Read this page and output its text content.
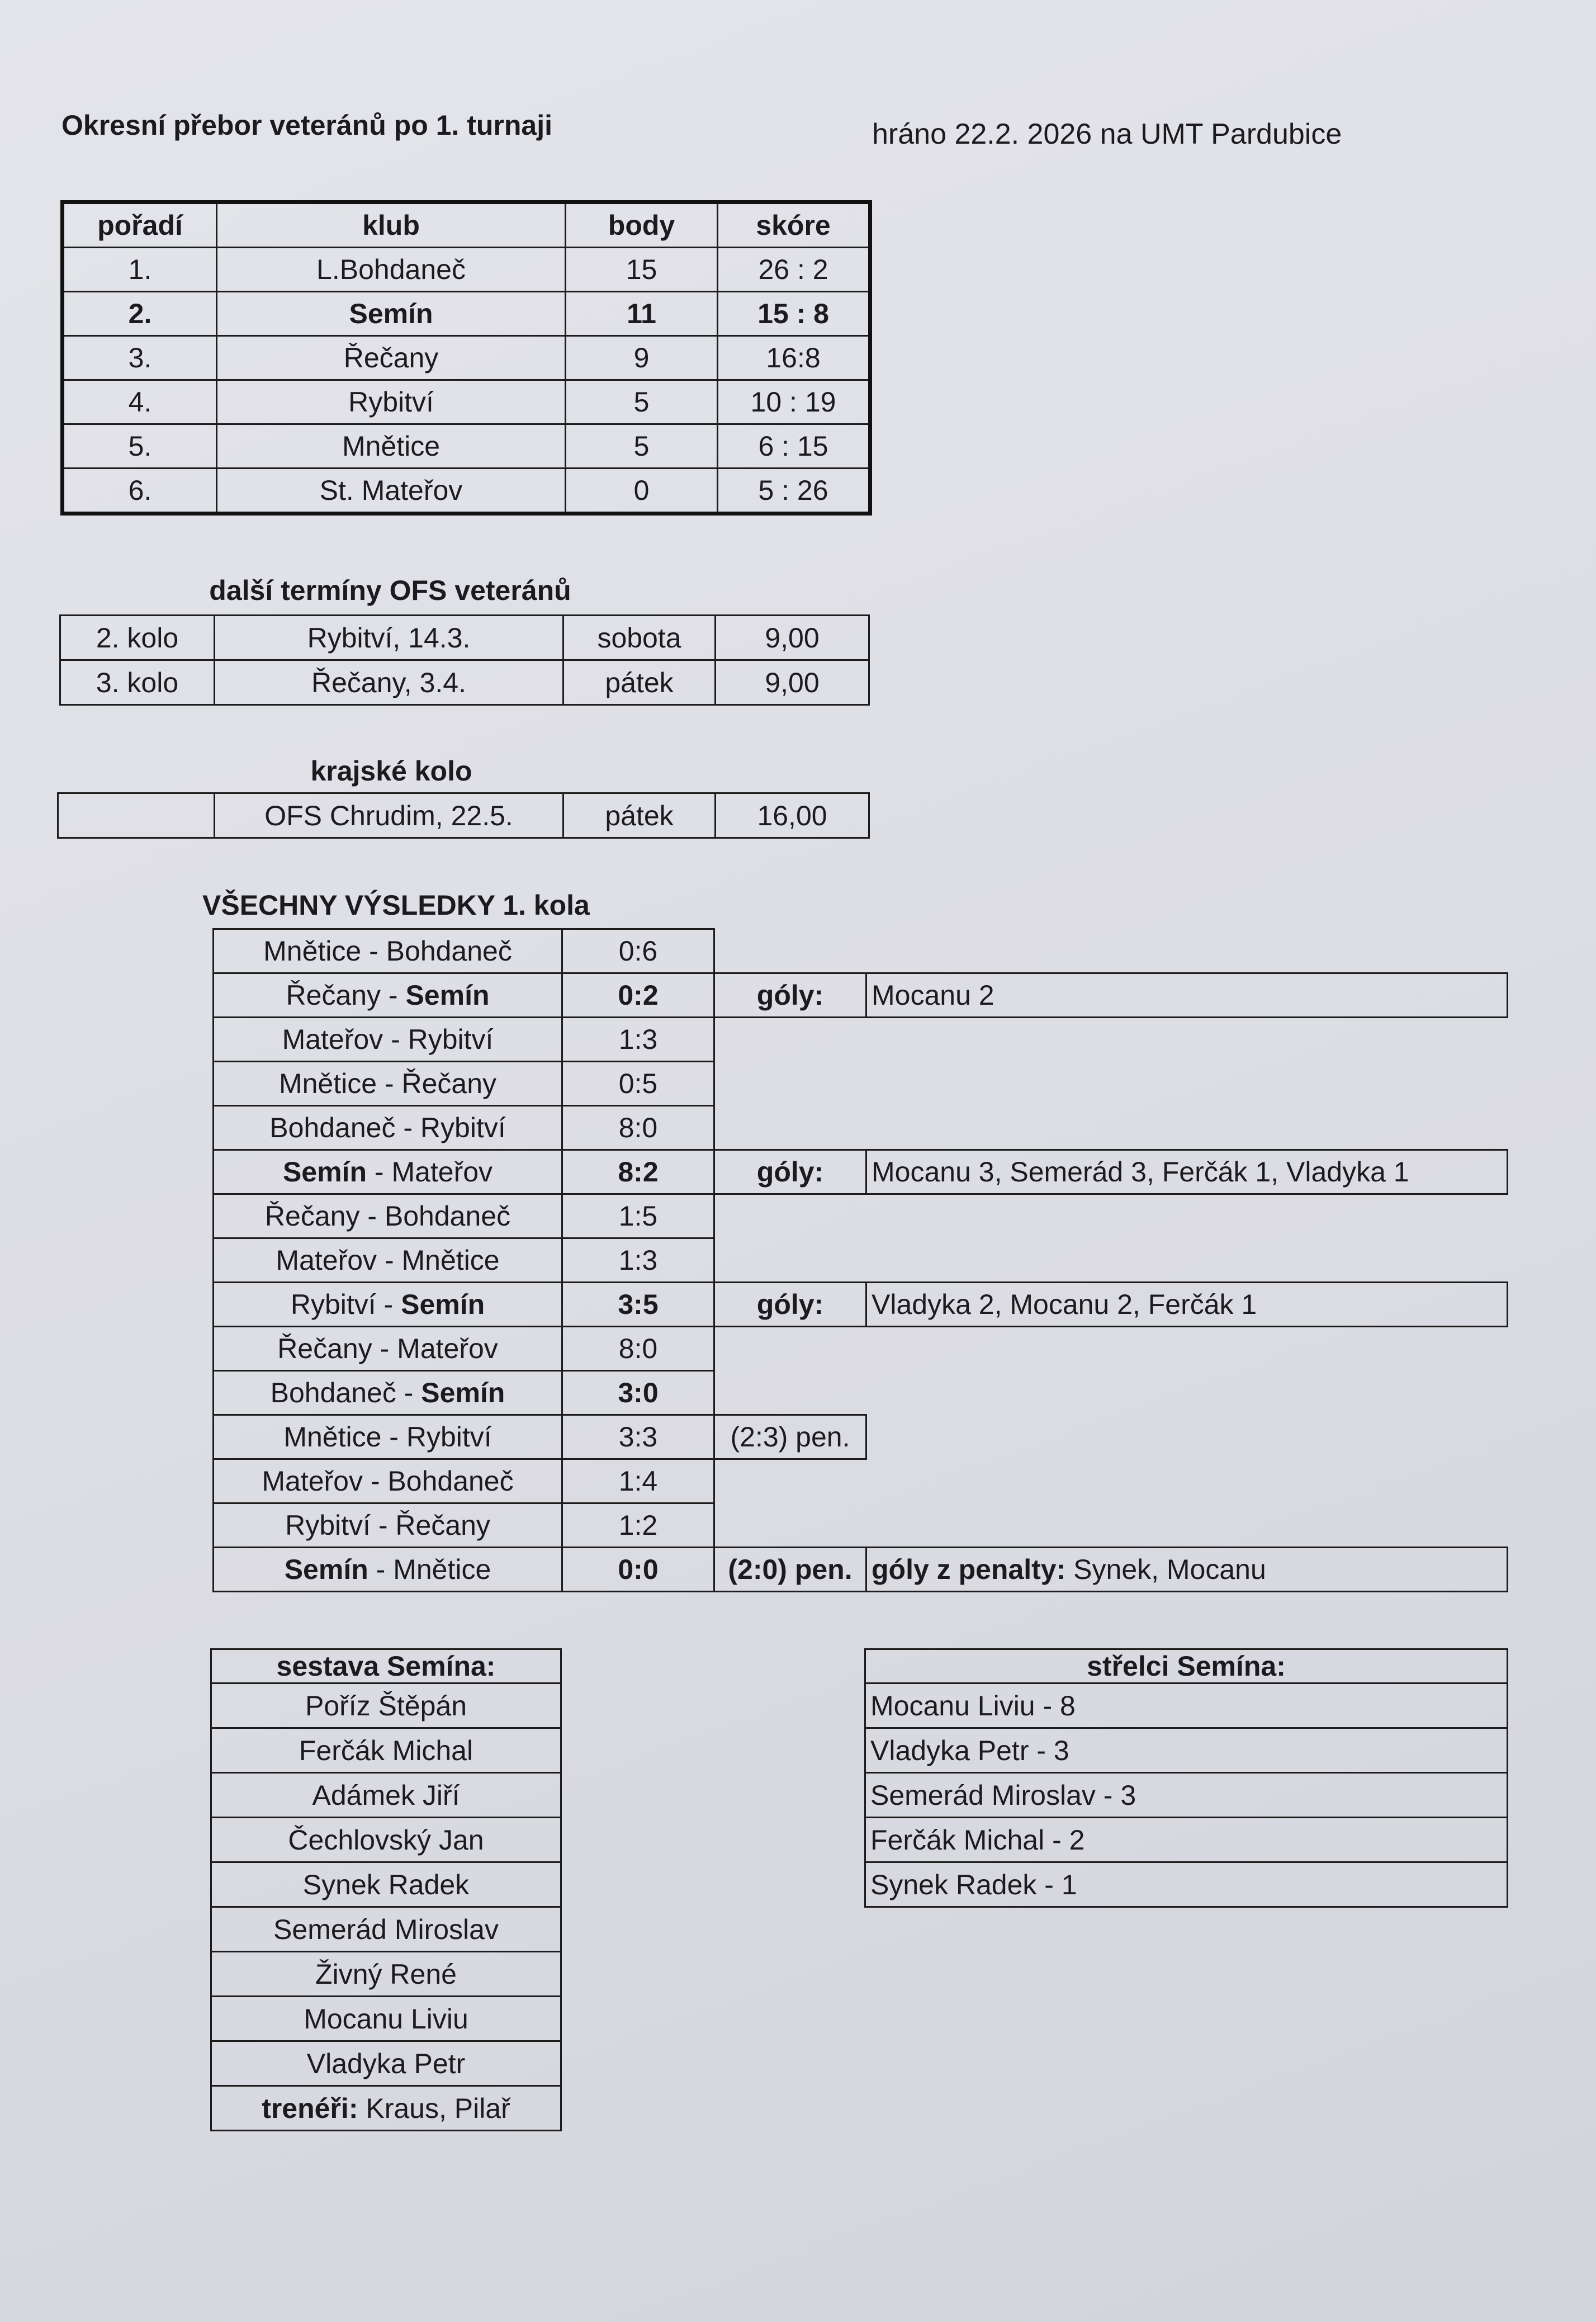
Okresní přebor veteránů po 1. turnaji	hráno 22.2. 2026 na UMT Pardubice
pořadí	klub	body	skóre
1.	L.Bohdaneč	15	26 : 2
2.	Semín	11	15 : 8
3.	Řečany	9	16:8
4.	Rybitví	5	10 : 19
5.	Mnětice	5	6 : 15
6.	St. Mateřov	0	5 : 26
další termíny OFS veteránů
2. kolo	Rybitví, 14.3.	sobota	9,00
3. kolo	Řečany, 3.4.	pátek	9,00
krajské kolo
	OFS Chrudim, 22.5.	pátek	16,00
VŠECHNY VÝSLEDKY 1. kola
Mnětice - Bohdaneč	0:6		
Řečany - Semín	0:2	góly:	Mocanu 2
Mateřov - Rybitví	1:3		
Mnětice - Řečany	0:5		
Bohdaneč - Rybitví	8:0		
Semín - Mateřov	8:2	góly:	Mocanu 3, Semerád 3, Ferčák 1, Vladyka 1
Řečany - Bohdaneč	1:5		
Mateřov - Mnětice	1:3		
Rybitví - Semín	3:5	góly:	Vladyka 2, Mocanu 2, Ferčák 1
Řečany - Mateřov	8:0		
Bohdaneč - Semín	3:0		
Mnětice - Rybitví	3:3	(2:3) pen.	
Mateřov - Bohdaneč	1:4		
Rybitví - Řečany	1:2		
Semín - Mnětice	0:0	(2:0) pen.	góly z penalty: Synek, Mocanu
sestava Semína:
Poříz Štěpán
Ferčák Michal
Adámek Jiří
Čechlovský Jan
Synek Radek
Semerád Miroslav
Živný René
Mocanu Liviu
Vladyka Petr
trenéři: Kraus, Pilař
střelci Semína:
Mocanu Liviu - 8
Vladyka Petr - 3
Semerád Miroslav - 3
Ferčák Michal - 2
Synek Radek - 1
